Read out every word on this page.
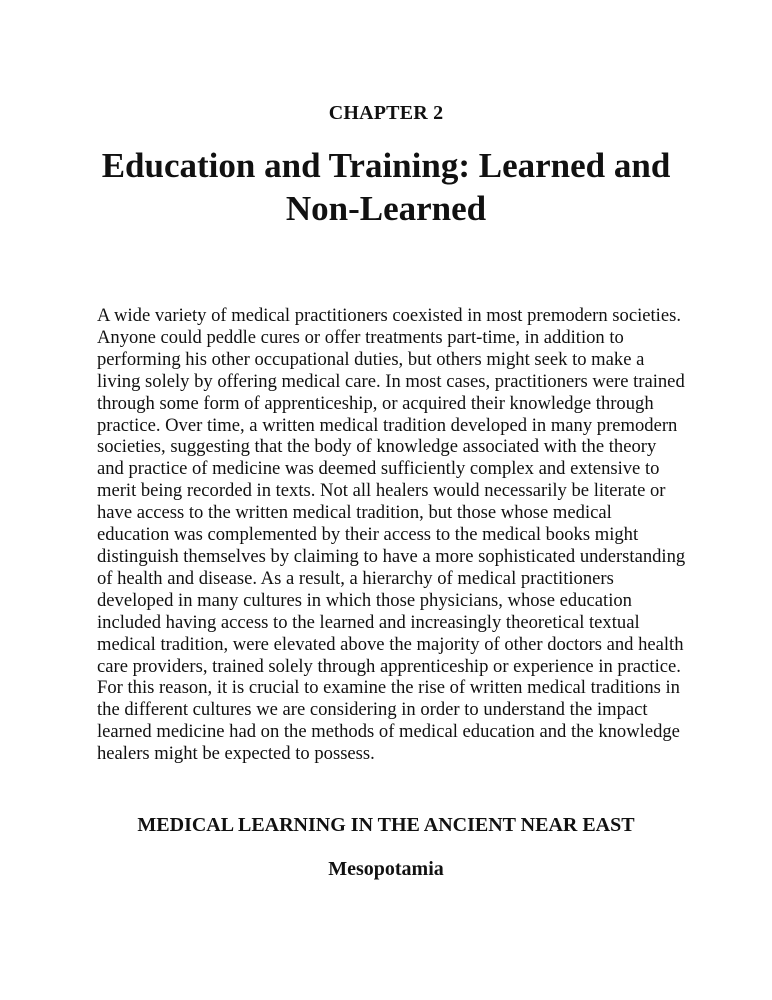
CHAPTER 2
Education and Training: Learned and Non-Learned

A wide variety of medical practitioners coexisted in most premodern societies. Anyone could peddle cures or offer treatments part-time, in addition to performing his other occupational duties, but others might seek to make a living solely by offering medical care. In most cases, practitioners were trained through some form of apprenticeship, or acquired their knowledge through practice. Over time, a written medical tradition developed in many premodern societies, suggesting that the body of knowledge associated with the theory and practice of medicine was deemed sufficiently complex and extensive to merit being recorded in texts. Not all healers would necessarily be literate or have access to the written medical tradition, but those whose medical education was complemented by their access to the medical books might distinguish themselves by claiming to have a more sophisticated understanding of health and disease. As a result, a hierarchy of medical practitioners developed in many cultures in which those physicians, whose education included having access to the learned and increasingly theoretical textual medical tradition, were elevated above the majority of other doctors and health care providers, trained solely through apprenticeship or experience in practice. For this reason, it is crucial to examine the rise of written medical traditions in the different cultures we are considering in order to understand the impact learned medicine had on the methods of medical education and the knowledge healers might be expected to possess.

MEDICAL LEARNING IN THE ANCIENT NEAR EAST
Mesopotamia
